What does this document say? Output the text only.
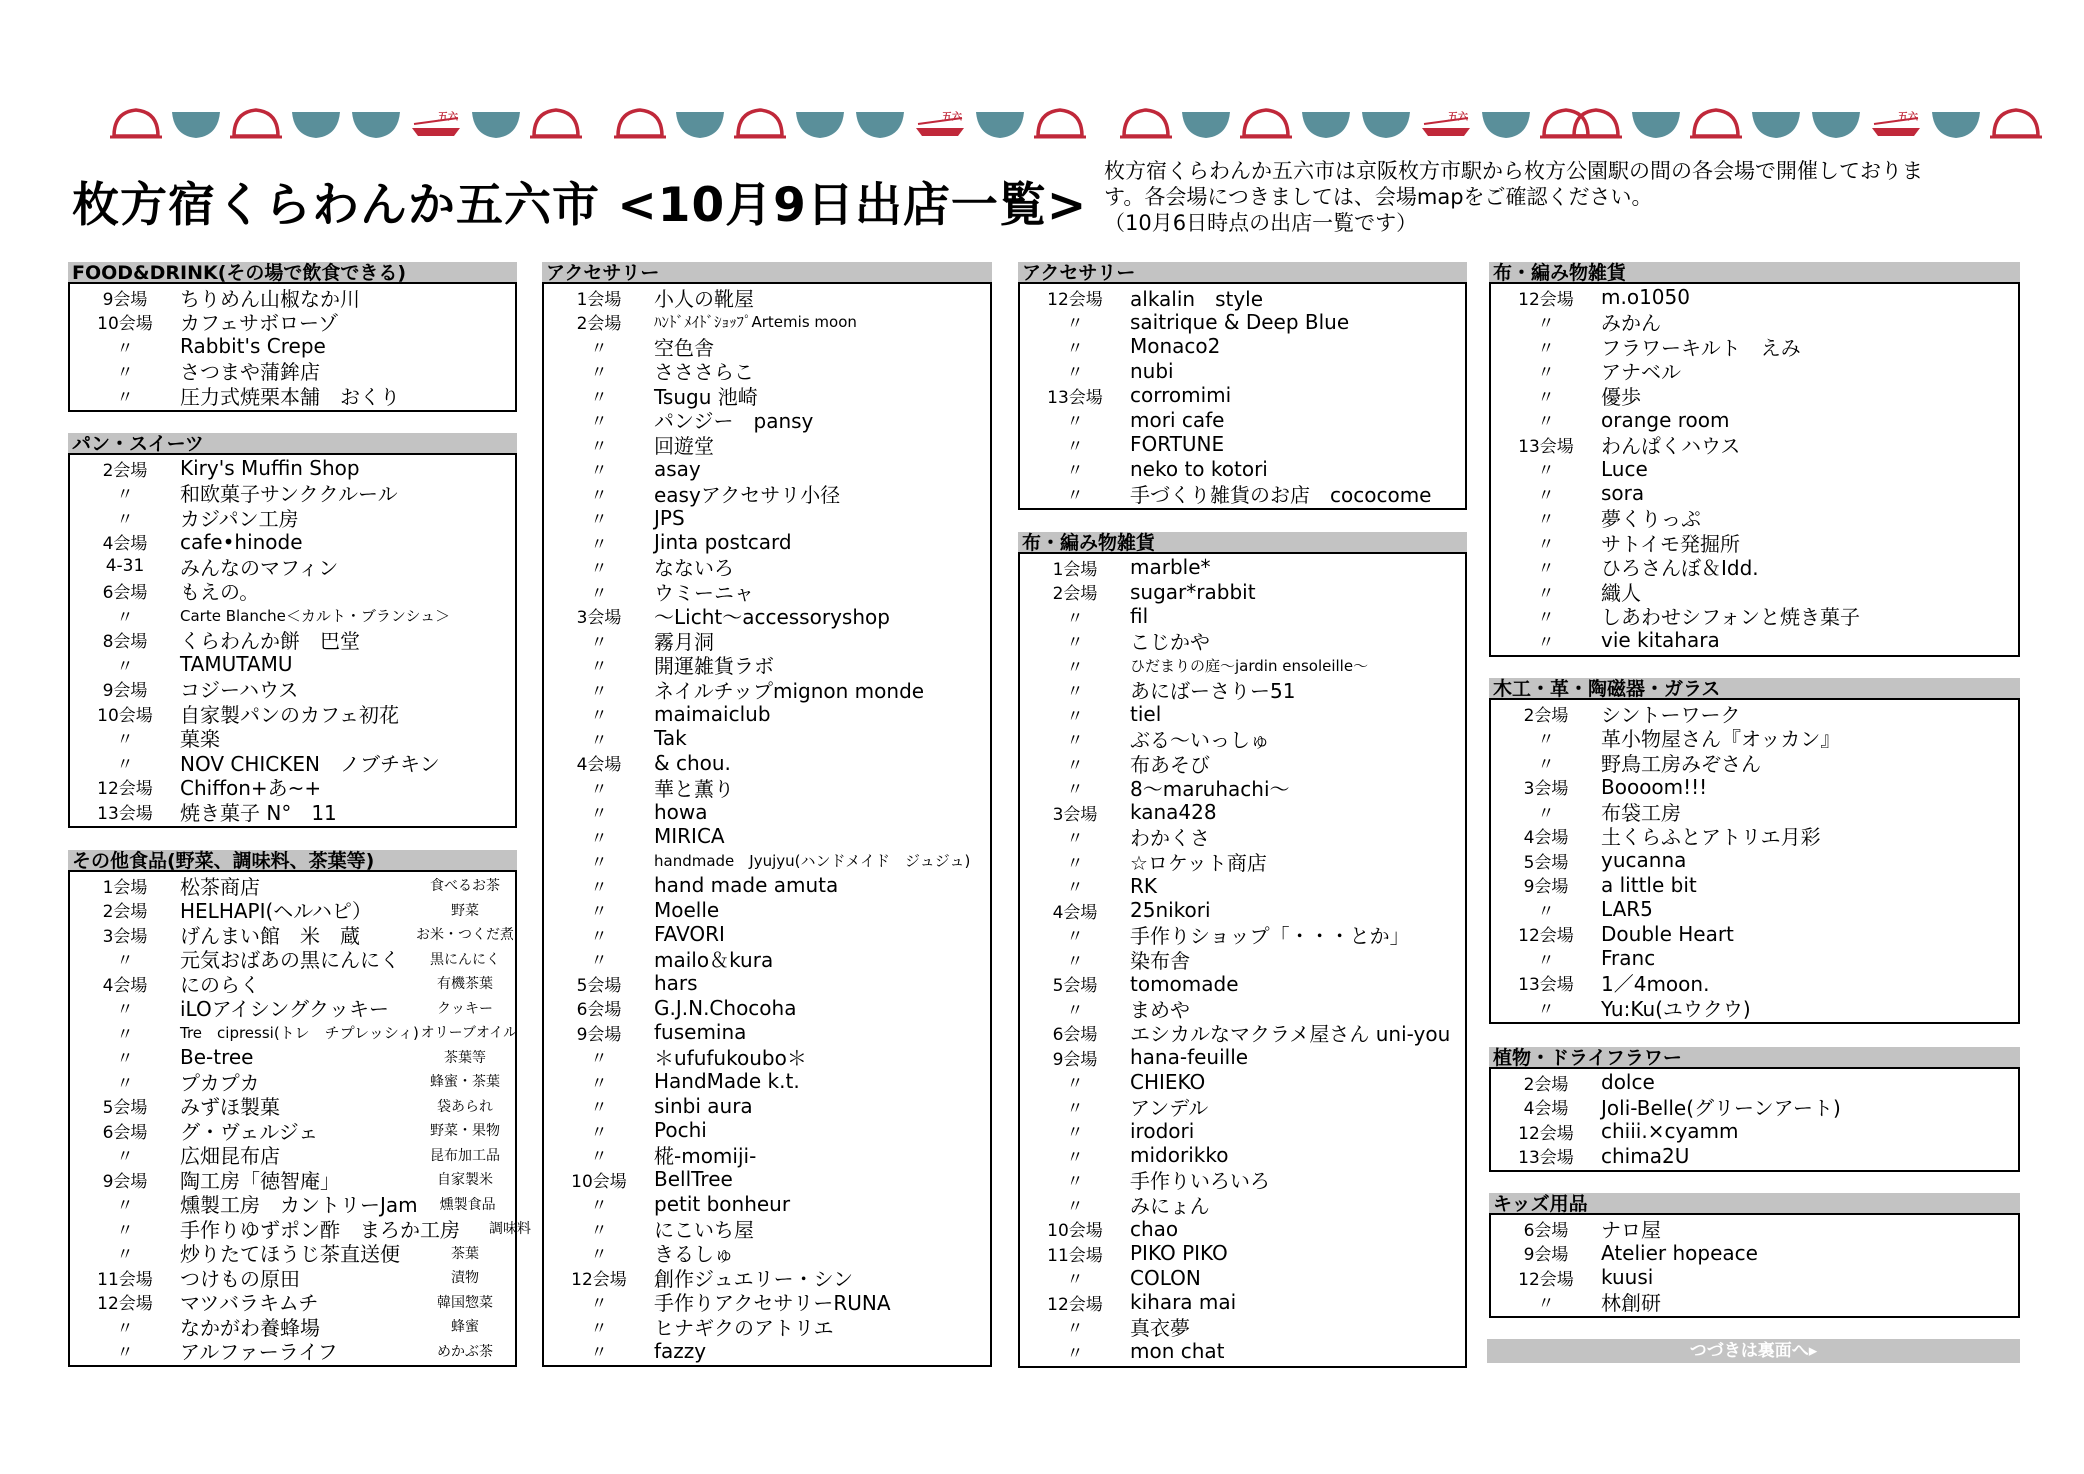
五六	五六	五六	五六
枚方宿くらわんか五六市 <10月9日出店一覧>
枚方宿くらわんか五六市は京阪枚方市駅から枚方公園駅の間の各会場で開催しておりま
す。各会場につきましては、会場mapをご確認ください。
（10月6日時点の出店一覧です）
FOOD&DRINK(その場で飲食できる)
9会場	ちりめん山椒なか川
10会場	カフェサボローゾ
〃	Rabbit's Crepe
〃	さつまや蒲鉾店
〃	圧力式焼栗本舗　おくり
パン・スイーツ
2会場	Kiry's Muffin Shop
〃	和欧菓子サンククルール
〃	カジパン工房
4会場	cafe•hinode
4-31	みんなのマフィン
6会場	もえの。
〃	Carte Blanche＜カルト・ブランシュ＞
8会場	くらわんか餅　巴堂
〃	TAMUTAMU
9会場	コジーハウス
10会場	自家製パンのカフェ初花
〃	菓楽
〃	NOV CHICKEN　ノブチキン
12会場	Chiffon+あ~+
13会場	焼き菓子 N°　11
その他食品(野菜、調味料、茶葉等)
1会場	松茶商店	食べるお茶
2会場	HELHAPI(ヘルハピ）	野菜
3会場	げんまい館　米　蔵	お米・つくだ煮
〃	元気おばあの黒にんにく	黒にんにく
4会場	にのらく	有機茶葉
〃	iLOアイシングクッキー	クッキー
〃	Tre　cipressi(トレ　チプレッシィ) オリーブオイル
〃	Be-tree	茶葉等
〃	プカプカ	蜂蜜・茶葉
5会場	みずほ製菓	袋あられ
6会場	グ・ヴェルジェ	野菜・果物
〃	広畑昆布店	昆布加工品
9会場	陶工房「徳智庵」	自家製米
〃	燻製工房　カントリーJam	燻製食品
〃	手作りゆずポン酢　まろか工房	調味料
〃	炒りたてほうじ茶直送便	茶葉
11会場	つけもの原田	漬物
12会場	マツバラキムチ	韓国惣菜
〃	なかがわ養蜂場	蜂蜜
〃	アルファーライフ	めかぶ茶
アクセサリー
1会場	小人の靴屋
2会場	ﾊﾝﾄﾞﾒｲﾄﾞｼｮｯﾌﾟArtemis moon
〃	空色舎
〃	さささらこ
〃	Tsugu 池崎
〃	パンジー　pansy
〃	回遊堂
〃	asay
〃	easyアクセサリ小径
〃	JPS
〃	Jinta postcard
〃	なないろ
〃	ウミーニャ
3会場	～Licht～accessoryshop
〃	霧月洞
〃	開運雑貨ラボ
〃	ネイルチップmignon monde
〃	maimaiclub
〃	Tak
4会場	& chou.
〃	華と薫り
〃	howa
〃	MIRICA
〃	handmade　Jyujyu(ハンドメイド　ジュジュ)
〃	hand made amuta
〃	Moelle
〃	FAVORI
〃	mailo＆kura
5会場	hars
6会場	G.J.N.Chocoha
9会場	fusemina
〃	＊ufufukoubo＊
〃	HandMade k.t.
〃	sinbi aura
〃	Pochi
〃	椛-momiji-
10会場	BellTree
〃	petit bonheur
〃	にこいち屋
〃	きるしゅ
12会場	創作ジュエリー・シン
〃	手作りアクセサリーRUNA
〃	ヒナギクのアトリエ
〃	fazzy
アクセサリー
12会場	alkalin　style
〃	saitrique & Deep Blue
〃	Monaco2
〃	nubi
13会場	corromimi
〃	mori cafe
〃	FORTUNE
〃	neko to kotori
〃	手づくり雑貨のお店　cococome
布・編み物雑貨
1会場	marble*
2会場	sugar*rabbit
〃	fil
〃	こじかや
〃	ひだまりの庭～jardin ensoleille～
〃	あにばーさりー51
〃	tiel
〃	ぶる～いっしゅ
〃	布あそび
〃	8～maruhachi～
3会場	kana428
〃	わかくさ
〃	☆ロケット商店
〃	RK
4会場	25nikori
〃	手作りショップ「・・・とか」
〃	染布舎
5会場	tomomade
〃	まめや
6会場	エシカルなマクラメ屋さん uni-you
9会場	hana-feuille
〃	CHIEKO
〃	アンデル
〃	irodori
〃	midorikko
〃	手作りいろいろ
〃	みにょん
10会場	chao
11会場	PIKO PIKO
〃	COLON
12会場	kihara mai
〃	真衣夢
〃	mon chat
布・編み物雑貨
12会場	m.o1050
〃	みかん
〃	フラワーキルト　えみ
〃	アナベル
〃	優歩
〃	orange room
13会場	わんぱくハウス
〃	Luce
〃	sora
〃	夢くりっぷ
〃	サトイモ発掘所
〃	ひろさんぼ＆Idd.
〃	織人
〃	しあわせシフォンと焼き菓子
〃	vie kitahara
木工・革・陶磁器・ガラス
2会場	シントーワーク
〃	革小物屋さん『オッカン』
〃	野鳥工房みぞさん
3会場	Boooom!!!
〃	布袋工房
4会場	土くらふとアトリエ月彩
5会場	yucanna
9会場	a little bit
〃	LAR5
12会場	Double Heart
〃	Franc
13会場	1／4moon.
〃	Yu:Ku(ユウクウ)
植物・ドライフラワー
2会場	dolce
4会場	Joli-Belle(グリーンアート)
12会場	chiii.×cyamm
13会場	chima2U
キッズ用品
6会場	ナロ屋
9会場	Atelier hopeace
12会場	kuusi
〃	林創研
つづきは裏面へ▸
